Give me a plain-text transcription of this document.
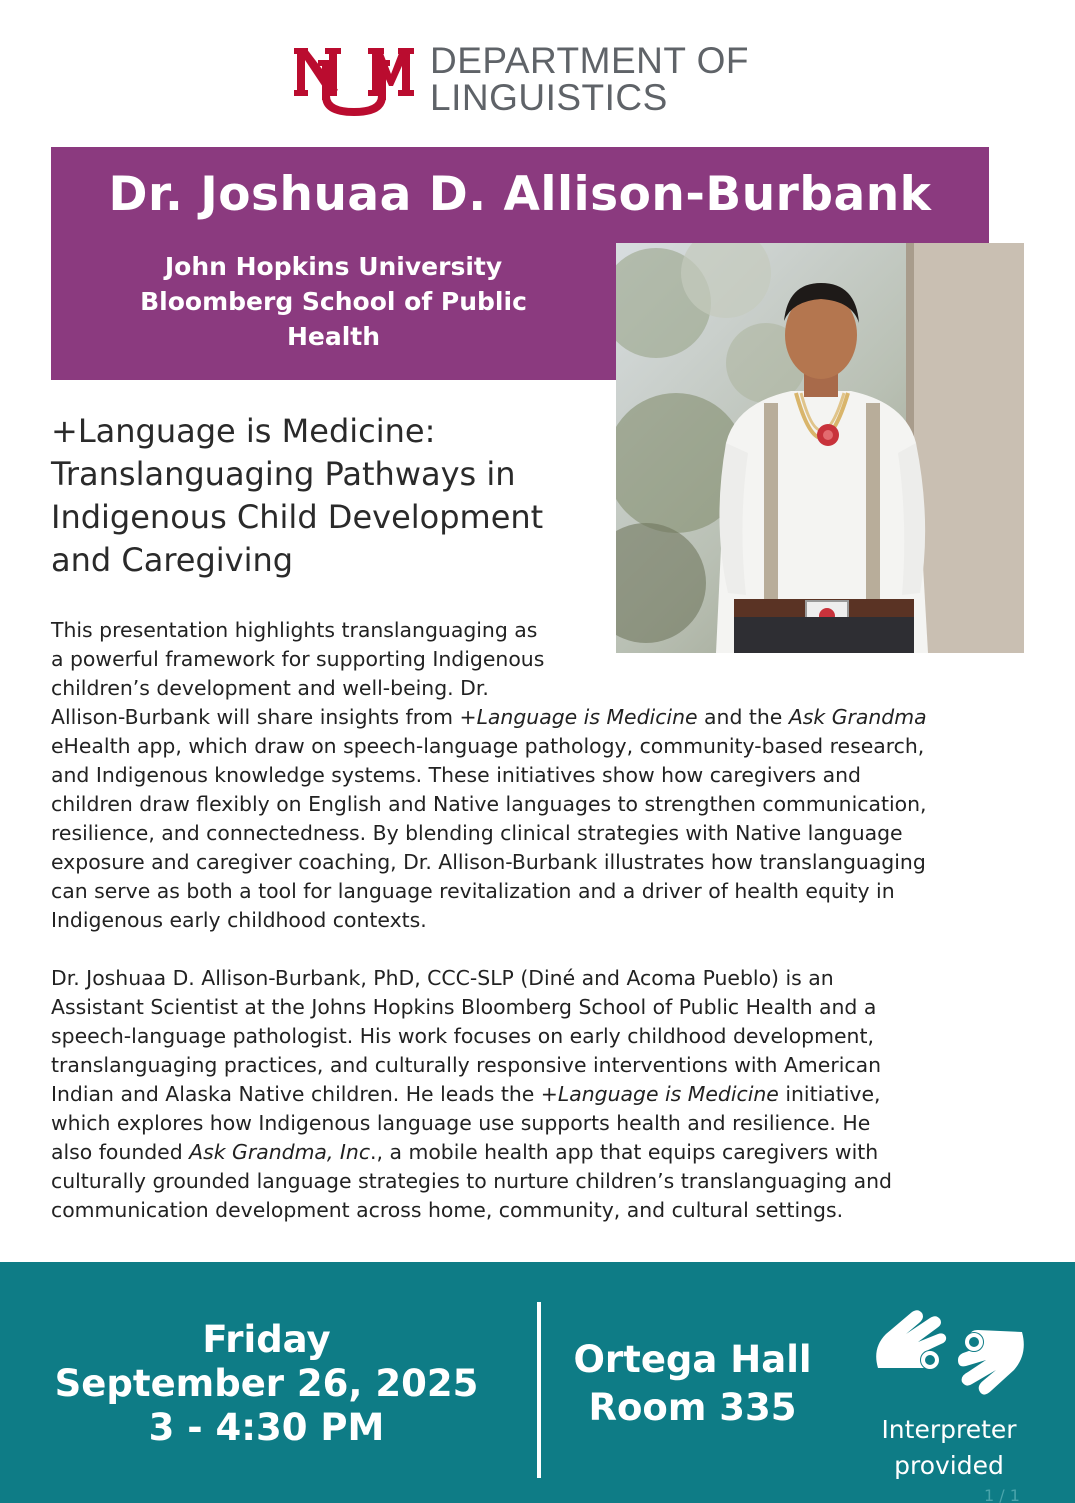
DEPARTMENT OF
LINGUISTICS
Dr. Joshuaa D. Allison-Burbank
John Hopkins University
Bloomberg School of Public
Health
+Language is Medicine:
Translanguaging Pathways in
Indigenous Child Development
and Caregiving
This presentation highlights translanguaging as
a powerful framework for supporting Indigenous
children’s development and well-being. Dr.
Allison-Burbank will share insights from +Language is Medicine and the Ask Grandma
eHealth app, which draw on speech-language pathology, community-based research,
and Indigenous knowledge systems. These initiatives show how caregivers and
children draw flexibly on English and Native languages to strengthen communication,
resilience, and connectedness. By blending clinical strategies with Native language
exposure and caregiver coaching, Dr. Allison-Burbank illustrates how translanguaging
can serve as both a tool for language revitalization and a driver of health equity in
Indigenous early childhood contexts.
Dr. Joshuaa D. Allison-Burbank, PhD, CCC-SLP (Diné and Acoma Pueblo) is an
Assistant Scientist at the Johns Hopkins Bloomberg School of Public Health and a
speech-language pathologist. His work focuses on early childhood development,
translanguaging practices, and culturally responsive interventions with American
Indian and Alaska Native children. He leads the +Language is Medicine initiative,
which explores how Indigenous language use supports health and resilience. He
also founded Ask Grandma, Inc., a mobile health app that equips caregivers with
culturally grounded language strategies to nurture children’s translanguaging and
communication development across home, community, and cultural settings.
Friday
September 26, 2025
3 - 4:30 PM
Ortega Hall
Room 335
Interpreter
provided
1 / 1
